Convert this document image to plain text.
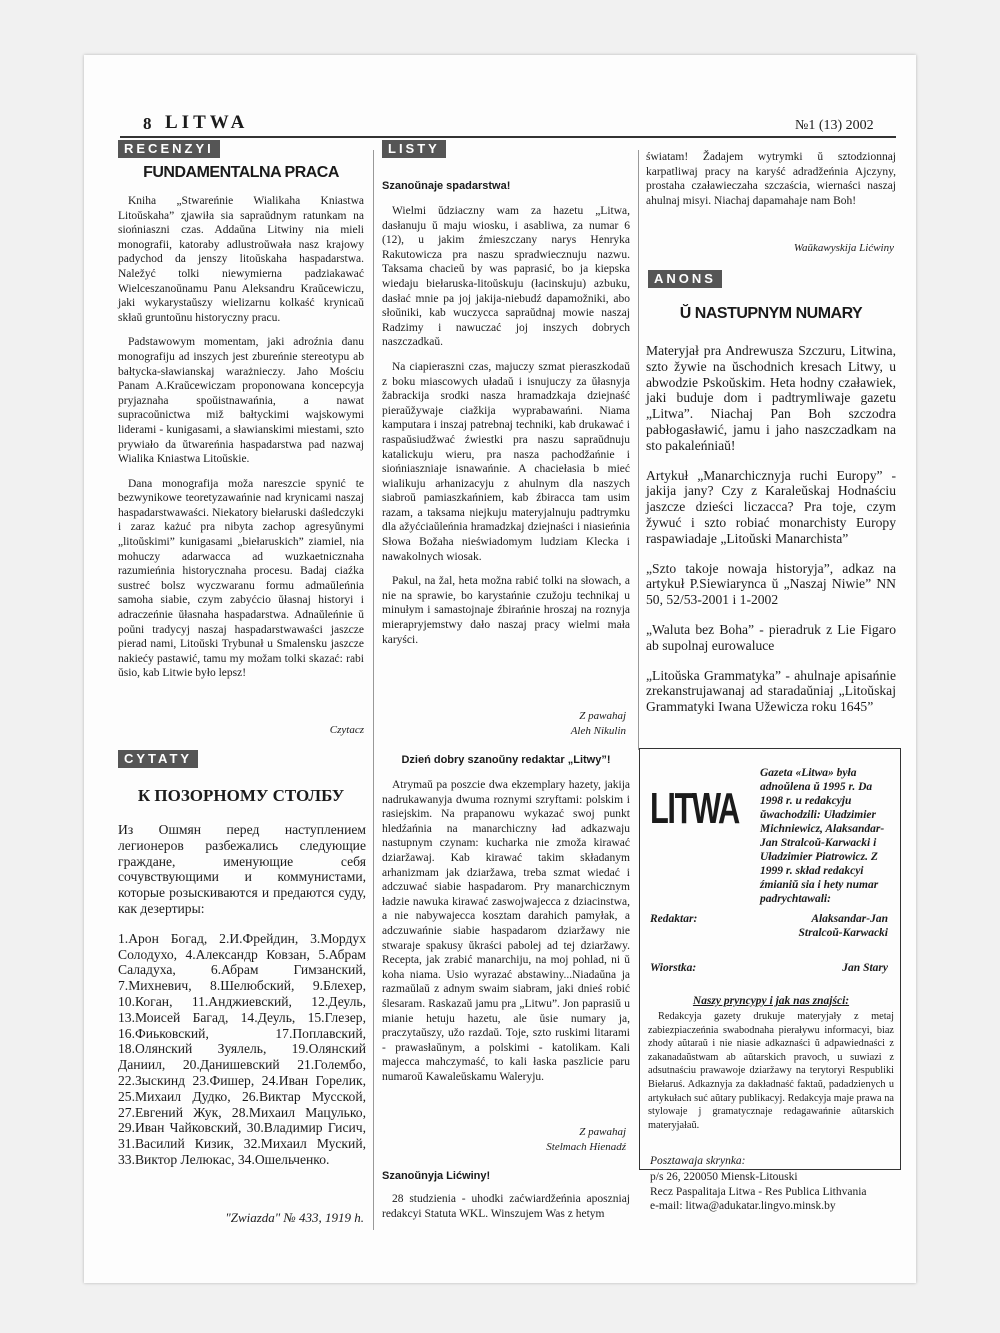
8 LITWA	№1 (13) 2002
RECENZYI
FUNDAMENTALNA PRACA

Kniha „Stwareńnie Wialikaha Kniastwa Litoŭskaha” ʐjawiła sia saprаŭdnym ratunkam na siońniaszni czas. Addaŭna Litwiny nia mieli monografii, katoraby adlustroŭwała nasz krajowy padychod da jenszy litoŭskaha haspadarstwa. Naležyć tolki niewymierna padziakawać Wielcеszanoŭnamu Panu Aleksandru Kraŭcewiczu, jaki wykarystaŭszy wielizarnu kolkaść krynicaŭ skłaŭ gruntoŭnu historyczny pracu.

Padstawowym momentam, jaki adroźnia danu monografiju ad inszych jest zburеńnie stereotypu ab bałtycka-słаwianskaj warażnieczy. Jaho Mościu Panam A.Kraŭcewiczam proponowana koncepcyja pryjaznaha spoŭistnawańnia, a nawat supracoŭnictwa miž bałtyckimi wajskowymi liderami - kunigasami, a słаwianskimi miestami, szto prywiało da ŭtwareńnia haspadarstwa pad nazwaj Wialika Kniastwa Litoŭskie.

Dana monografija moža nareszcie spynić te bezwynikowe teoretyzawańnie nad krynicami naszaj haspadarstwawaści. Niekatory biełaruski daśledczyki i zaraz każuć pra nibyta zachop agresyŭnymi „litoŭskimi” kunigasami „biełaruskich” ziamiel, nia mohuczy adarwacca ad wuzkaetnicznaha razumieńnia historycznaha procesu. Badaj ciaźka sustreć bolsz wyczwaranu formu admaŭleńnia samoha siabie, czym zabyćcio ŭłasnaj historyi i adraczeńnie ŭłasnaha haspadarstwa. Adnaŭleńnie ŭ poŭni tradycyj naszaj haspadarstwawaści jaszcze pierad nami, Litoŭski Trybunał u Smalensku jaszcze nakiećy pastawić, tamu my možam tolki skazać: rabi ŭsio, kab Litwie było lepsz!

Czytacz
CYTATY
К ПОЗОРНОМУ СТОЛБУ

Из Ошмян перед наступлением легионеров разбежались следующие граждане, именующие себя сочувствующими и коммунистами, которые розыскиваются и предаются суду, как дезертиры:

1.Арон Богад, 2.И.Фрейдин, 3.Мордух Солодухо, 4.Александр Ковзан, 5.Абрам Саладуха, 6.Абрам Гимзанский, 7.Михневич, 8.Шелюбский, 9.Блехер, 10.Коган, 11.Анджиевский, 12.Деуль, 13.Моисей Багад, 14.Деуль, 15.Глезер, 16.Фиьковский, 17.Поплавский, 18.Олянский Зуялель, 19.Олянский Даниил, 20.Данишевский 21.Голембо, 22.Зыскинд 23.Фишер, 24.Иван Горелик, 25.Михаил Дудко, 26.Виктар Мусской, 27.Евгений Жук, 28.Михаил Мацулько, 29.Иван Чайковский, 30.Владимир Гисич, 31.Василий Кизик, 32.Михаил Муский, 33.Виктор Лелюкас, 34.Ошельченко.

"Zwiazda" № 433, 1919 h.
LISTY

Szanoŭnaje spadarstwa!

Wielmi ŭdziaczny wam za hazetu „Litwa, dasłanuju ŭ maju wiosku, i asabliwa, za numar 6 (12), u jakim źmieszczany narys Henryka Rakutowicza pra naszu sprаdwiecznuju nazwu. Taksama chacieŭ by was paprasić, bo ja kiepska wiedaju biełaruska-litoŭskuju (łacinskuju) azbuku, dasłać mnie pa joj jakija-niebudź dapamožniki, abo słoŭniki, kab wuczycca saprаŭdnaj mowie naszaj Radzimy i nawuczać joj inszych dobrych naszczadkaŭ.

Na ciapierаszni czas, majuczy szmat pieraszkodaŭ z boku miascowych uładaŭ i isnujuczy za ŭłasnyja žabrackija srodki nasza hramadzkaja dziejnaść pieraŭžywaje ciažkija wyprabawańni. Niama kamputara i inszaj patrebnaj techniki, kab drukawać i raspаŭsiudžwać źwiestki pra naszu saprаŭdnuju katalickuju wieru, pra nasza pachodžańnie i siońniaszniaje isnawańnie. A chaciełasia b mieć wialikuju arhanizacyju z ahulnym dla naszych siabroŭ pamiaszkańniem, kab źbiracca tam usim razam, a taksama niejkuju materyjalnuju padtrymku dla ažyćciaŭleńnia hramadzkaj dziejnaści i niasieńnia Słowa Božaha nieświadomym ludziam Klecka i nawakolnych wiosak.

Pakul, na žal, heta možna rabić tolki na słowach, a nie na sprawie, bo karystańnie czužoju technikaj u minułym i samastojnaje źbirańnie hroszaj na roznyja mierapryjemstwy dało naszaj pracy wielmi mała karyści.

Z pawahaj
Aleh Nikulin

Dzień dobry szanoŭny redaktar „Litwy”!

Atrymaŭ pa poszcie dwa ekzemplary hazety, jakija nadrukawanyja dwuma roznymi szryftami: polskim i rasiejskim. Na prapanowu wykazać swoj punkt hledźańnia na manarchiczny ład adkazwaju nastupnym czynam: kucharka nie zmoža kirawać dziaržawaj. Kab kirawać takim składanym arhanizmam jak dziaržawa, treba szmat wiedać i adczuwać siabie haspadarom. Pry manarchicznym ładzie nawuka kirawać zaswojwajecca z dziacinstwa, a nie nabywajecca kosztam darahich pamyłak, a adczuwańnie siabie haspadarom dziaržawy nie stwaraje spakusy ŭkraści pabolej ad tej dziaržawy. Recepta, jak zrabić manarchiju, na moj pohlad, ni ŭ koha niama. Usio wyrazać abstawiny...Niadaŭna ja razmaŭlaŭ z adnym swaim siabram, jaki dnieś robić ślesaram. Raskazaŭ jamu pra „Litwu”. Jon paprasiŭ u mianie hetuju hazetu, ale ŭsie numary ja, praczytaŭszy, užo razdaŭ. Toje, szto ruskimi litarami - prawasłaŭnym, a polskimi - katolikam. Kali majecca mahczymaść, to kali łaska paszlicie paru numaroŭ Kawaleŭskamu Waleryju.

Z pawahaj
Stelmach Hienadź

Szanoŭnyja Lićwiny!

28 studzienia - uhodki zaćwiardžeńnia aposzniaj redakcyi Statuta WKL. Winszujem Was z hetym

światam! Žadajem wytrymki ŭ sztodzionnaj karpatliwaj pracy na karyść adradžeńnia Ajczyny, prostaha czaławieczaha szczaścia, wiernaści naszaj ahulnaj misyi. Niachaj dapamahaje nam Boh!

Waŭkawyskija Lićwiny
ANONS
Ŭ NASTUPNYM NUMARY

Materyjał pra Andrewusza Szczuru, Litwina, szto žywie na ŭschodnich kresach Litwy, u abwodzie Pskoŭskim. Heta hodny czaławiek, jaki buduje dom i padtrymliwaje gazetu „Litwa”. Niachaj Pan Boh szczodra pabłogasławić, jamu i jaho naszczadkam na sto pakaleńniaŭ!

Artykuł „Manarchicznyja ruchi Europy” - jakija jany? Czy z Karaleŭskaj Hodnaściu jaszcze dzieści liczacca? Pra toje, czym žywuć i szto robiać monarchisty Europy raspawiadaje „Litoŭski Manarchista”

„Szto takoje nowaja historyja”, adkaz na artykuł P.Siewiaryncа ŭ „Naszaj Niwie” NN 50, 52/53-2001 i 1-2002

„Waluta bez Boha” - pieradruk z Lie Figaro ab supolnaj eurowaluce

„Litoŭska Grammatyka” - ahulnaje apisańnie zrekanstrujawanaj ad staradaŭniaj „Litoŭskaj Grammatyki Iwana Užewicza roku 1645”

LITWA
Gazeta «Litwa» była adnoŭlena ŭ 1995 r. Da 1998 r. u redakcyju ŭwachodzili: Uładzimier Michniewicz, Alaksandar-Jan Stralcoŭ-Karwacki i Uładzimier Piatrowicz. Z 1999 r. skład redakcyi źmianiŭ sia i hety numar padrychtawali:
Redaktar:	Alaksandar-Jan Stralcoŭ-Karwacki
Wiorstka:	Jan Stary
Naszy pryncypy i jak nas znajści:

Redakcyja gazety drukuje materyjały z metaj zabiezpiaczeńnia swabodnaha pieraływu informacyi, biaz zhody aŭtaraŭ i nie niasie adkaznaści ŭ adpawiednaści z zakanadaŭstwam ab aŭtarskich pravoch, u suwiazi z adsutnaściu prawawoje dziaržawy na terytoryi Respubliki Biełaruś. Adkaznyja za dakładnaść faktaŭ, padadzienych u artykułach suć aŭtary publikacyj. Redakcyja maje prawa na stylowaje j gramatycznaje redagawańnie aŭtarskich materyjałaŭ.

Posztawaja skrynka:
p/s 26, 220050 Miensk-Litouski
Recz Paspalitaja Litwa - Res Publica Lithvania
e-mail: litwa@adukatar.lingvo.minsk.by
